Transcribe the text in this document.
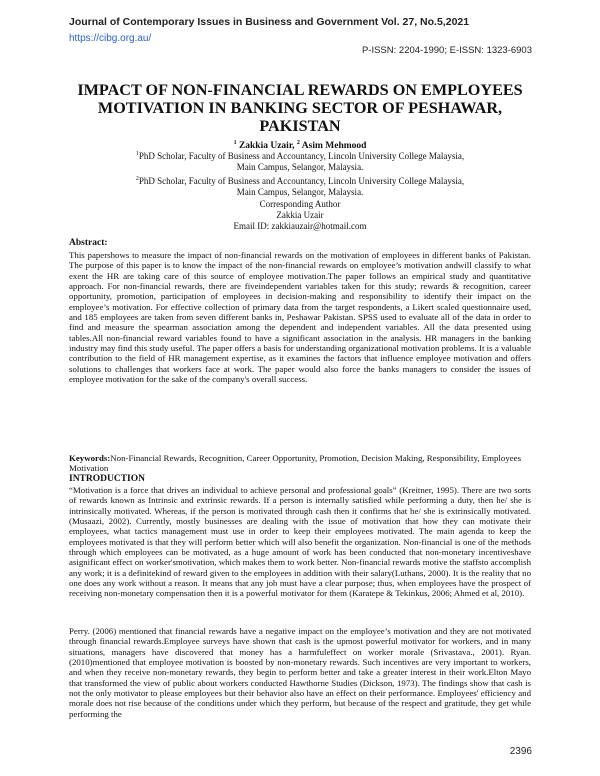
Journal of Contemporary Issues in Business and Government Vol. 27, No.5,2021
https://cibg.org.au/
P-ISSN: 2204-1990; E-ISSN: 1323-6903
IMPACT OF NON-FINANCIAL REWARDS ON EMPLOYEES MOTIVATION IN BANKING SECTOR OF PESHAWAR, PAKISTAN
$^1$ Zakkia Uzair, $^2$ Asim Mehmood
$^1$PhD Scholar, Faculty of Business and Accountancy, Lincoln University College Malaysia,
Main Campus, Selangor, Malaysia.
$^2$PhD Scholar, Faculty of Business and Accountancy, Lincoln University College Malaysia,
Main Campus, Selangor, Malaysia.
Corresponding Author
Zakkia Uzair
Email ID: zakkiauzair@hotmail.com
Abstract:
This papershows to measure the impact of non-financial rewards on the motivation of employees in different banks of Pakistan. The purpose of this paper is to know the impact of the non-financial rewards on employee’s motivation andwill classify to what exent the HR are taking care of this source of employee motivation.The paper follows an empirical study and quantitative approach. For non-financial rewards, there are fiveindependent variables taken for this study; rewards & recognition, career opportunity, promotion, participation of employees in decision-making and responsibility to identify their impact on the employee’s motivation. For effective collection of primary data from the target respondents, a Likert scaled questionnaire used, and 185 employees are taken from seven different banks in, Peshawar Pakistan. SPSS used to evaluate all of the data in order to find and measure the spearman association among the dependent and independent variables. All the data presented using tables.All non-financial reward variables found to have a significant association in the analysis. HR managers in the banking industry may find this study useful. The paper offers a basis for understanding organizational motivation problems. It is a valuable contribution to the field of HR management expertise, as it examines the factors that influence employee motivation and offers solutions to challenges that workers face at work. The paper would also force the banks managers to consider the issues of employee motivation for the sake of the company's overall success.
Keywords:Non-Financial Rewards, Recognition, Career Opportunity, Promotion, Decision Making, Responsibility, Employees Motivation
INTRODUCTION
“Motivation is a force that drives an individual to achieve personal and professional goals” (Kreitner, 1995). There are two sorts of rewards known as Intrinsic and extrinsic rewards. If a person is internally satisfied while performing a duty, then he/ she is intrinsically motivated. Whereas, if the person is motivated through cash then it confirms that he/ she is extrinsically motivated. (Musaazi, 2002). Currently, mostly businesses are dealing with the issue of motivation that how they can motivate their employees, what tactics management must use in order to keep their employees motivated. The main agenda to keep the employees motivated is that they will perform better which will also benefit the organization. Non-financial is one of the methods through which employees can be motivated, as a huge amount of work has been conducted that non-monetary incentiveshave asignificant effect on worker'smotivation, which makes them to work better. Non-financial rewards motive the staffsto accomplish any work; it is a definitekind of reward given to the employees in addition with their salary(Luthans, 2000). It is the reality that no one does any work without a reason. It means that any job must have a clear purpose; thus, when employees have the prospect of receiving non-monetary compensation then it is a powerful motivator for them (Karatepe & Tekinkus, 2006; Ahmed et al, 2010).
Perry. (2006) mentioned that financial rewards have a negative impact on the employee’s motivation and they are not motivated through financial rewards.Employee surveys have shown that cash is the upmost powerful motivator for workers, and in many situations, managers have discovered that money has a harmfuleffect on worker morale (Srivastava., 2001). Ryan. (2010)mentioned that employee motivation is boosted by non-monetary rewards. Such incentives are very important to workers, and when they receive non-monetary rewards, they begin to perform better and take a greater interest in their work.Elton Mayo that transformed the view of public about workers conducted Hawthorne Studies (Dickson, 1973). The findings show that cash is not the only motivator to please employees but their behavior also have an effect on their performance. Employees' efficiency and morale does not rise because of the conditions under which they perform, but because of the respect and gratitude, they get while performing the
2396
